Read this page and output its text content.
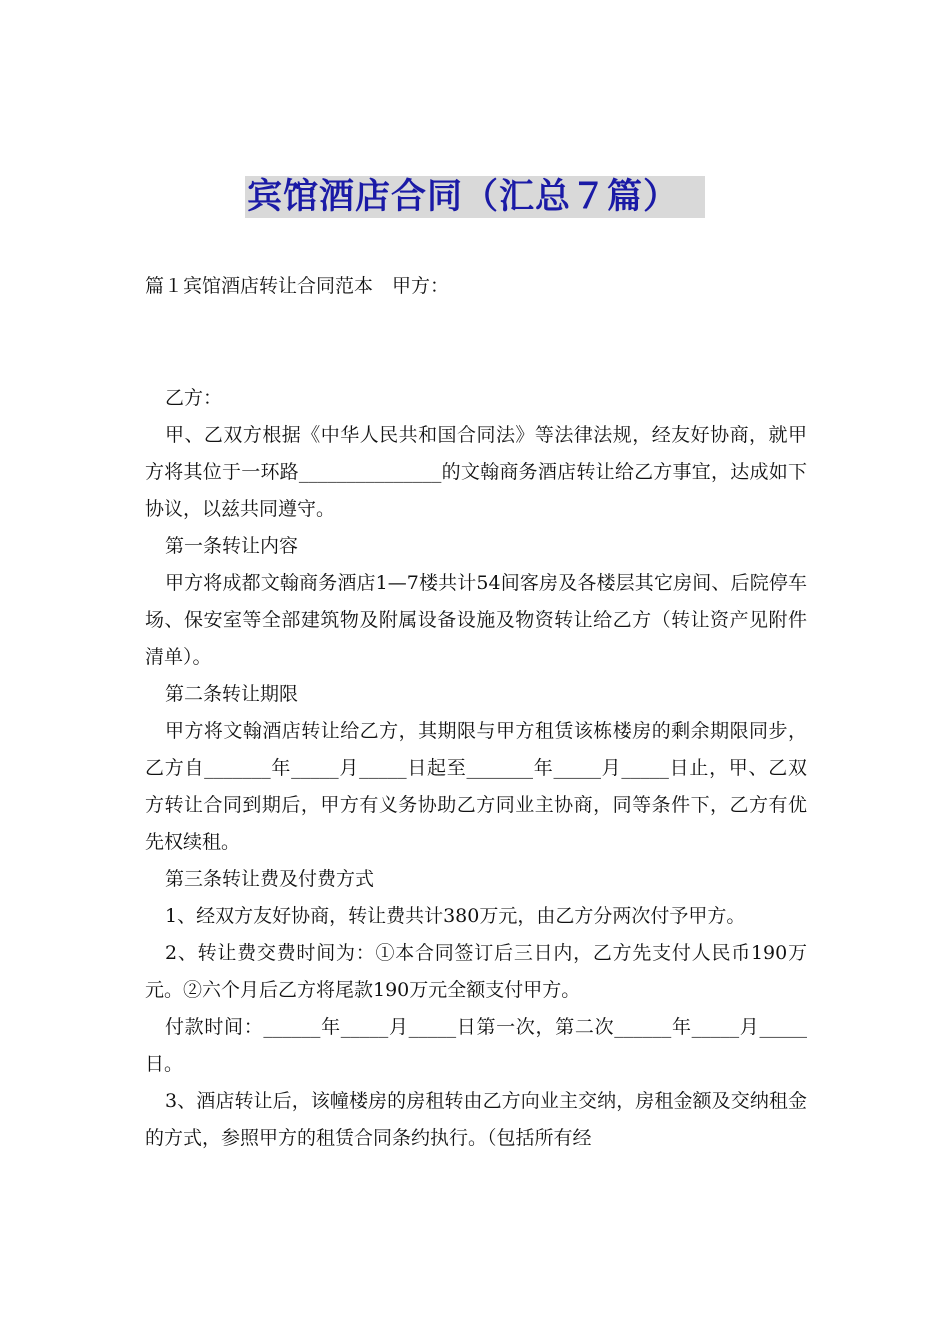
宾馆酒店合同（汇总７篇）
篇１宾馆酒店转让合同范本　甲方：

乙方：

甲、乙双方根据《中华人民共和国合同法》等法律法规，经友好协商，就甲方将其位于一环路_______________的文翰商务酒店转让给乙方事宜，达成如下协议，以兹共同遵守。

第一条转让内容

甲方将成都文翰商务酒店1—7楼共计54间客房及各楼层其它房间、后院停车场、保安室等全部建筑物及附属设备设施及物资转让给乙方（转让资产见附件清单）。

第二条转让期限

甲方将文翰酒店转让给乙方，其期限与甲方租赁该栋楼房的剩余期限同步，乙方自_______年_____月_____日起至_______年_____月_____日止，甲、乙双方转让合同到期后，甲方有义务协助乙方同业主协商，同等条件下，乙方有优先权续租。

第三条转让费及付费方式

1、经双方友好协商，转让费共计380万元，由乙方分两次付予甲方。

2、转让费交费时间为：①本合同签订后三日内，乙方先支付人民币190万元。②六个月后乙方将尾款190万元全额支付甲方。

付款时间：______年_____月_____日第一次，第二次______年_____月_____日。

3、酒店转让后，该幢楼房的房租转由乙方向业主交纳，房租金额及交纳租金的方式，参照甲方的租赁合同条约执行。（包括所有经
